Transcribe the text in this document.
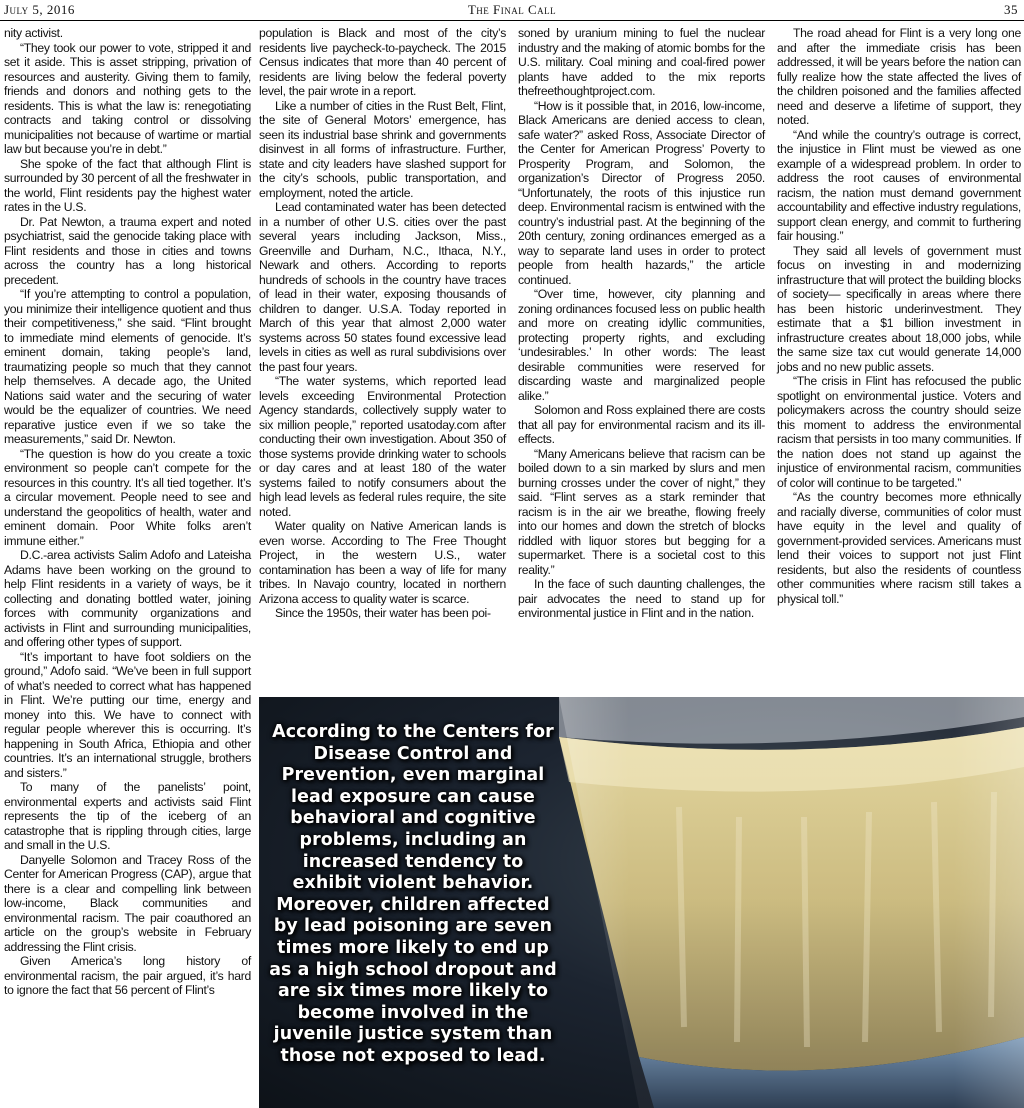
July 5, 2016	The Final Call	35

nity activist.

“They took our power to vote, stripped it and set it aside. This is asset stripping, privation of resources and austerity. Giving them to family, friends and donors and nothing gets to the residents. This is what the law is: renegotiating contracts and taking control or dissolving municipalities not because of wartime or martial law but because you’re in debt.”

She spoke of the fact that although Flint is surrounded by 30 percent of all the freshwater in the world, Flint residents pay the highest water rates in the U.S.

Dr. Pat Newton, a trauma expert and noted psychiatrist, said the genocide taking place with Flint residents and those in cities and towns across the country has a long historical precedent.

“If you’re attempting to control a population, you minimize their intelligence quotient and thus their competitiveness,” she said. “Flint brought to immediate mind elements of genocide. It’s eminent domain, taking people’s land, traumatizing people so much that they cannot help themselves. A decade ago, the United Nations said water and the securing of water would be the equalizer of countries. We need reparative justice even if we so take the measurements,” said Dr. Newton.

“The question is how do you create a toxic environment so people can’t compete for the resources in this country. It’s all tied together. It’s a circular movement. People need to see and understand the geopolitics of health, water and eminent domain. Poor White folks aren’t immune either.”

D.C.-area activists Salim Adofo and Lateisha Adams have been working on the ground to help Flint residents in a variety of ways, be it collecting and donating bottled water, joining forces with community organizations and activists in Flint and surrounding municipalities, and offering other types of support.

“It’s important to have foot soldiers on the ground,” Adofo said. “We’ve been in full support of what’s needed to correct what has happened in Flint. We’re putting our time, energy and money into this. We have to connect with regular people wherever this is occurring. It’s happening in South Africa, Ethiopia and other countries. It’s an international struggle, brothers and sisters.”

To many of the panelists’ point, environmental experts and activists said Flint represents the tip of the iceberg of an catastrophe that is rippling through cities, large and small in the U.S.

Danyelle Solomon and Tracey Ross of the Center for American Progress (CAP), argue that there is a clear and compelling link between low-income, Black communities and environmental racism. The pair coauthored an article on the group’s website in February addressing the Flint crisis.

Given America’s long history of environmental racism, the pair argued, it’s hard to ignore the fact that 56 percent of Flint’s

population is Black and most of the city’s residents live paycheck-to-paycheck. The 2015 Census indicates that more than 40 percent of residents are living below the federal poverty level, the pair wrote in a report.

Like a number of cities in the Rust Belt, Flint, the site of General Motors’ emergence, has seen its industrial base shrink and governments disinvest in all forms of infrastructure. Further, state and city leaders have slashed support for the city’s schools, public transportation, and employment, noted the article.

Lead contaminated water has been detected in a number of other U.S. cities over the past several years including Jackson, Miss., Greenville and Durham, N.C., Ithaca, N.Y., Newark and others. According to reports hundreds of schools in the country have traces of lead in their water, exposing thousands of children to danger. U.S.A. Today reported in March of this year that almost 2,000 water systems across 50 states found excessive lead levels in cities as well as rural subdivisions over the past four years.

“The water systems, which reported lead levels exceeding Environmental Protection Agency standards, collectively supply water to six million people,” reported usatoday.com after conducting their own investigation. About 350 of those systems provide drinking water to schools or day cares and at least 180 of the water systems failed to notify consumers about the high lead levels as federal rules require, the site noted.

Water quality on Native American lands is even worse. According to The Free Thought Project, in the western U.S., water contamination has been a way of life for many tribes. In Navajo country, located in northern Arizona access to quality water is scarce.

Since the 1950s, their water has been poi-

soned by uranium mining to fuel the nuclear industry and the making of atomic bombs for the U.S. military. Coal mining and coal-fired power plants have added to the mix reports thefreethoughtproject.com.

“How is it possible that, in 2016, low-income, Black Americans are denied access to clean, safe water?” asked Ross, Associate Director of the Center for American Progress’ Poverty to Prosperity Program, and Solomon, the organization’s Director of Progress 2050. “Unfortunately, the roots of this injustice run deep. Environmental racism is entwined with the country’s industrial past. At the beginning of the 20th century, zoning ordinances emerged as a way to separate land uses in order to protect people from health hazards,” the article continued.

“Over time, however, city planning and zoning ordinances focused less on public health and more on creating idyllic communities, protecting property rights, and excluding ‘undesirables.’ In other words: The least desirable communities were reserved for discarding waste and marginalized people alike.”

Solomon and Ross explained there are costs that all pay for environmental racism and its ill-effects.

“Many Americans believe that racism can be boiled down to a sin marked by slurs and men burning crosses under the cover of night,” they said. “Flint serves as a stark reminder that racism is in the air we breathe, flowing freely into our homes and down the stretch of blocks riddled with liquor stores but begging for a supermarket. There is a societal cost to this reality.”

In the face of such daunting challenges, the pair advocates the need to stand up for environmental justice in Flint and in the nation.

The road ahead for Flint is a very long one and after the immediate crisis has been addressed, it will be years before the nation can fully realize how the state affected the lives of the children poisoned and the families affected need and deserve a lifetime of support, they noted.

“And while the country’s outrage is correct, the injustice in Flint must be viewed as one example of a widespread problem. In order to address the root causes of environmental racism, the nation must demand government accountability and effective industry regulations, support clean energy, and commit to furthering fair housing.”

They said all levels of government must focus on investing in and modernizing infrastructure that will protect the building blocks of society— specifically in areas where there has been historic underinvestment. They estimate that a $1 billion investment in infrastructure creates about 18,000 jobs, while the same size tax cut would generate 14,000 jobs and no new public assets.

“The crisis in Flint has refocused the public spotlight on environmental justice. Voters and policymakers across the country should seize this moment to address the environmental racism that persists in too many communities. If the nation does not stand up against the injustice of environmental racism, communities of color will continue to be targeted.”

“As the country becomes more ethnically and racially diverse, communities of color must have equity in the level and quality of government-provided services. Americans must lend their voices to support not just Flint residents, but also the residents of countless other communities where racism still takes a physical toll.”

According to the Centers for Disease Control and Prevention, even marginal lead exposure can cause behavioral and cognitive problems, including an increased tendency to exhibit violent behavior. Moreover, children affected by lead poisoning are seven times more likely to end up as a high school dropout and are six times more likely to become involved in the juvenile justice system than those not exposed to lead.
